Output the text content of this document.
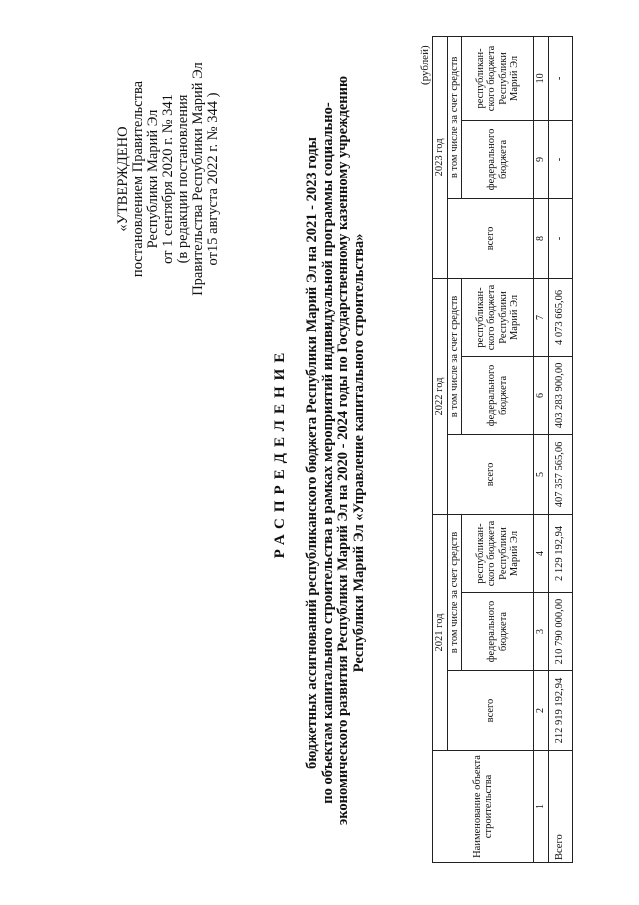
«УТВЕРЖДЕНО постановлением Правительства Республики Марий Эл от 1 сентября 2020 г. № 341 (в редакции постановления Правительства Республики Марий Эл от15 августа 2022 г. № 344 )
РАСПРЕДЕЛЕНИЕ бюджетных ассигнований республиканского бюджета Республики Марий Эл на 2021 - 2023 годы по объектам капитального строительства в рамках мероприятий индивидуальной программы социально- экономического развития Республики Марий Эл на 2020 - 2024 годы по Государственному казенному учреждению Республики Марий Эл «Управление капитального строительства»
(рублей)
Наименование объекта строительства	2021 год			2022 год			2023 год		
	всего	в том числе за счет средств		всего	в том числе за счет средств		всего	в том числе за счет средств	
		федерального бюджета	республикан-ского бюджета Республики Марий Эл		федерального бюджета	республикан-ского бюджета Республики Марий Эл		федерального бюджета	республикан-ского бюджета Республики Марий Эл
1	2	3	4	5	6	7	8	9	10
Всего	212 919 192,94	210 790 000,00	2 129 192,94	407 357 565,06	403 283 900,00	4 073 665,06	-	-	-
